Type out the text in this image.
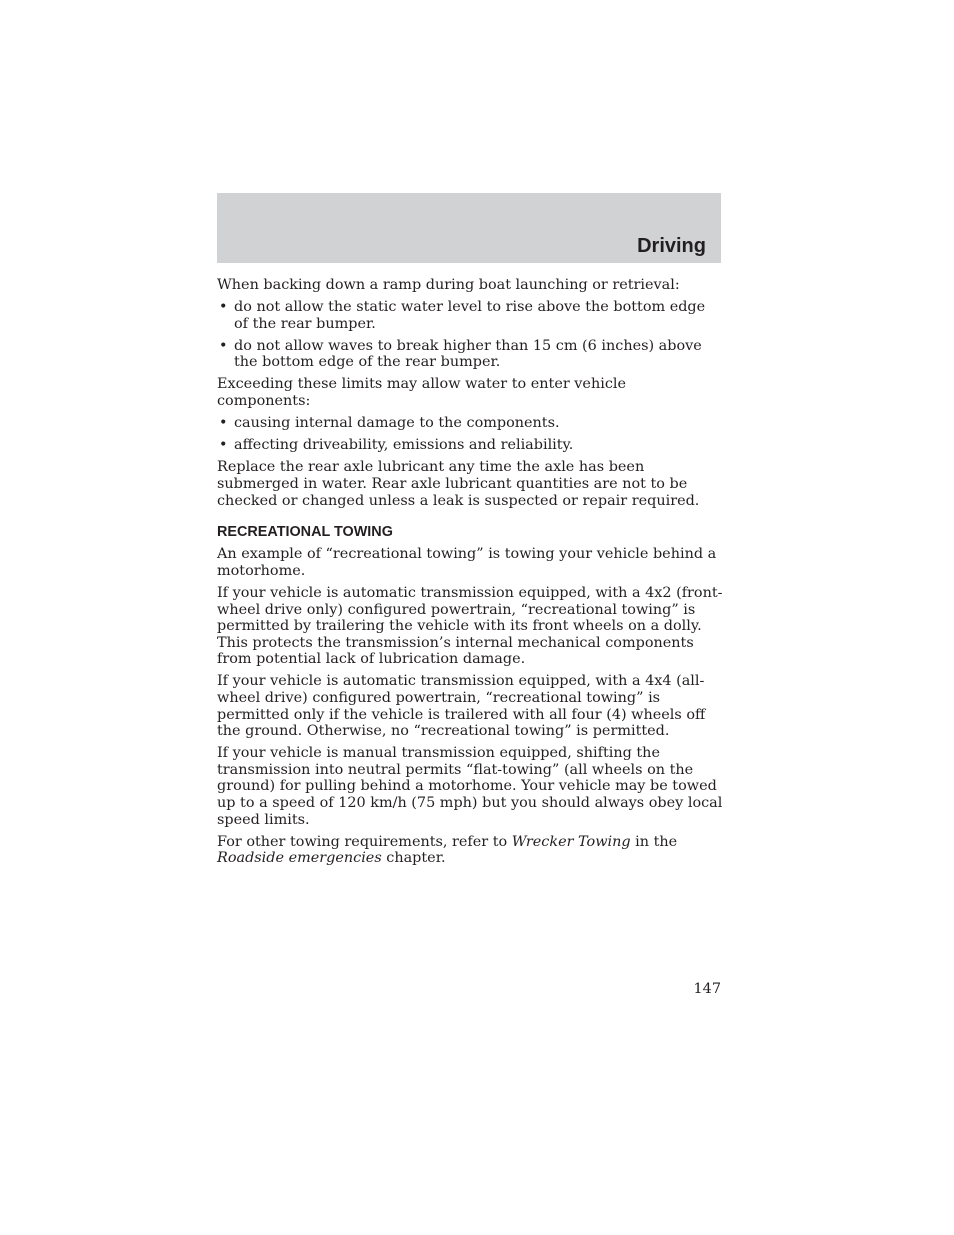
Driving

When backing down a ramp during boat launching or retrieval:

• do not allow the static water level to rise above the bottom edge of the rear bumper.
• do not allow waves to break higher than 15 cm (6 inches) above the bottom edge of the rear bumper.

Exceeding these limits may allow water to enter vehicle components:

• causing internal damage to the components.
• affecting driveability, emissions and reliability.

Replace the rear axle lubricant any time the axle has been submerged in water. Rear axle lubricant quantities are not to be checked or changed unless a leak is suspected or repair required.

RECREATIONAL TOWING

An example of “recreational towing” is towing your vehicle behind a motorhome.

If your vehicle is automatic transmission equipped, with a 4x2 (front-wheel drive only) configured powertrain, “recreational towing” is permitted by trailering the vehicle with its front wheels on a dolly. This protects the transmission’s internal mechanical components from potential lack of lubrication damage.

If your vehicle is automatic transmission equipped, with a 4x4 (all-wheel drive) configured powertrain, “recreational towing” is permitted only if the vehicle is trailered with all four (4) wheels off the ground. Otherwise, no “recreational towing” is permitted.

If your vehicle is manual transmission equipped, shifting the transmission into neutral permits “flat-towing” (all wheels on the ground) for pulling behind a motorhome. Your vehicle may be towed up to a speed of 120 km/h (75 mph) but you should always obey local speed limits.

For other towing requirements, refer to Wrecker Towing in the Roadside emergencies chapter.

147
